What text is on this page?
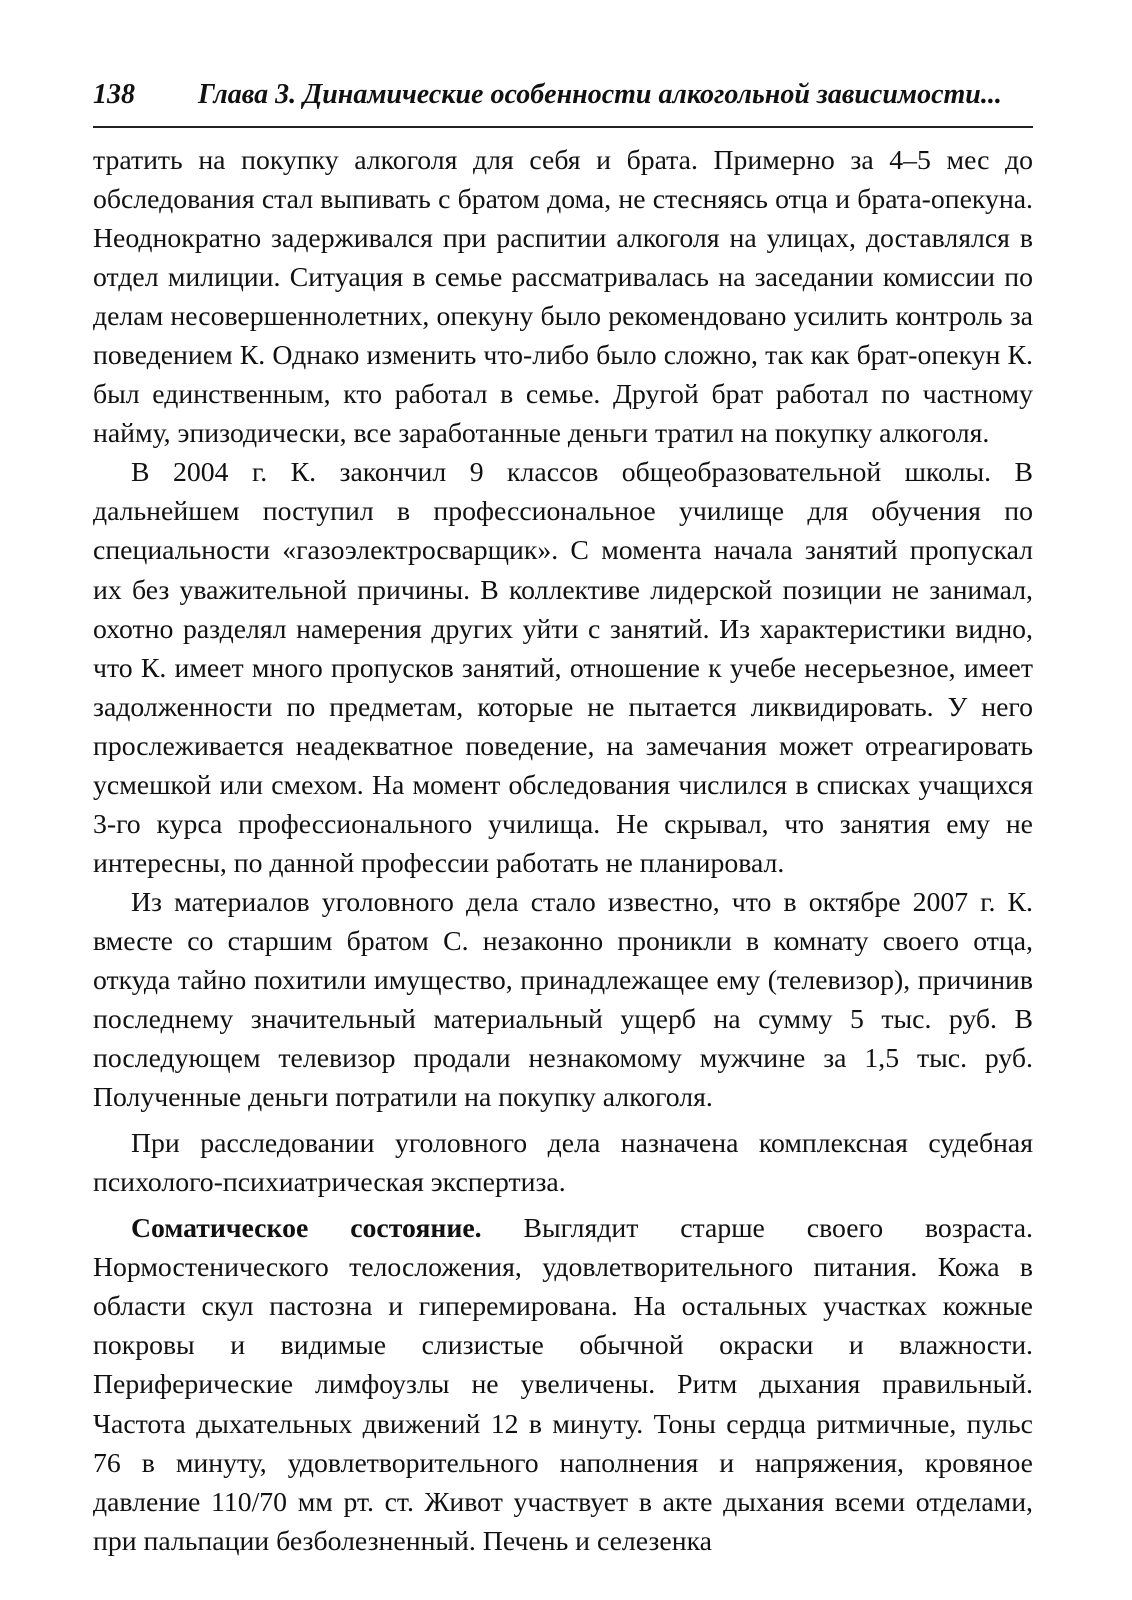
138 Глава 3. Динамические особенности алкогольной зависимости...

тратить на покупку алкоголя для себя и брата. Примерно за 4–5 мес до обследования стал выпивать с братом дома, не стесняясь отца и брата-опекуна. Неоднократно задерживался при распитии алкоголя на улицах, доставлялся в отдел милиции. Ситуация в семье рассматривалась на заседании комиссии по делам несовершеннолетних, опекуну было рекомендовано усилить контроль за поведением К. Однако изменить что-либо было сложно, так как брат-опекун К. был единственным, кто работал в семье. Другой брат работал по частному найму, эпизодически, все заработанные деньги тратил на покупку алкоголя.

В 2004 г. К. закончил 9 классов общеобразовательной школы. В дальнейшем поступил в профессиональное училище для обучения по специальности «газоэлектросварщик». С момента начала занятий пропускал их без уважительной причины. В коллективе лидерской позиции не занимал, охотно разделял намерения других уйти с занятий. Из характеристики видно, что К. имеет много пропусков занятий, отношение к учебе несерьезное, имеет задолженности по предметам, которые не пытается ликвидировать. У него прослеживается неадекватное поведение, на замечания может отреагировать усмешкой или смехом. На момент обследования числился в списках учащихся 3-го курса профессионального училища. Не скрывал, что занятия ему не интересны, по данной профессии работать не планировал.

Из материалов уголовного дела стало известно, что в октябре 2007 г. К. вместе со старшим братом С. незаконно проникли в комнату своего отца, откуда тайно похитили имущество, принадлежащее ему (телевизор), причинив последнему значительный материальный ущерб на сумму 5 тыс. руб. В последующем телевизор продали незнакомому мужчине за 1,5 тыс. руб. Полученные деньги потратили на покупку алкоголя.

При расследовании уголовного дела назначена комплексная судебная психолого-психиатрическая экспертиза.

Соматическое состояние. Выглядит старше своего возраста. Нормостенического телосложения, удовлетворительного питания. Кожа в области скул пастозна и гиперемирована. На остальных участках кожные покровы и видимые слизистые обычной окраски и влажности. Периферические лимфоузлы не увеличены. Ритм дыхания правильный. Частота дыхательных движений 12 в минуту. Тоны сердца ритмичные, пульс 76 в минуту, удовлетворительного наполнения и напряжения, кровяное давление 110/70 мм рт. ст. Живот участвует в акте дыхания всеми отделами, при пальпации безболезненный. Печень и селезенка
